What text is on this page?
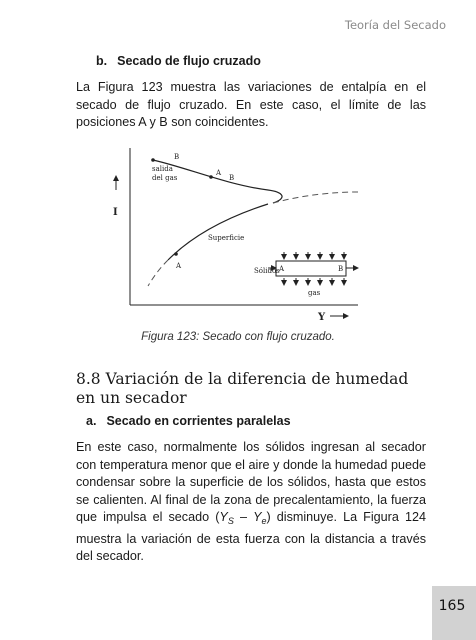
Teoría del Secado
b. Secado de flujo cruzado

La Figura 123 muestra las variaciones de entalpía en el secado de flujo cruzado. En este caso, el límite de las posiciones A y B son coincidentes.

I
Y
B
salida
del gas
A
B
Superficie
A
Sólidos A	B
gas
Figura 123: Secado con flujo cruzado.
8.8 Variación de la diferencia de humedad en un secador
a. Secado en corrientes paralelas

En este caso, normalmente los sólidos ingresan al secador con temperatura menor que el aire y donde la humedad puede condensar sobre la superficie de los sólidos, hasta que estos se calienten. Al final de la zona de precalentamiento, la fuerza que impulsa el secado $(Y_S - Y_e)$ disminuye. La Figura 124 muestra la variación de esta fuerza con la distancia a través del secador.

165
